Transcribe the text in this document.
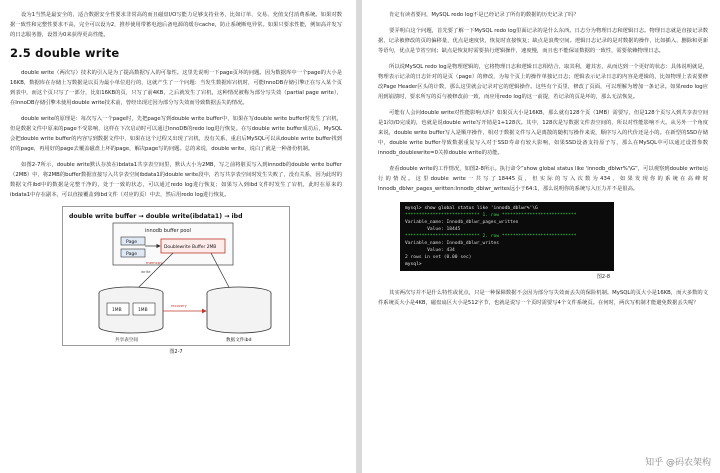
设为1当然是最安全的，适合数据安全性要求非常高的而且磁盘I/O写能力足够支持业务，比如订单、交易、充值支付消费系统。如果对数据一致性和完整性要求不高，完全可以设为2，推荐使用带蓄电池后备电源的缓存cache，防止系统断电异常。如果只要求性能，例如高并发写的日志服务器，设置为0来获得更高性能。

2.5 double write

double write（两次写）技术的引入是为了提高数据写入的可靠性。这里先说明一下page页坏的问题。因为数据库中一个page的大小是16KB，数据库在存储上写数据是以页为最小单位进行的，这就产生了一个问题：当发生数据库宕机时，可能InnoDB存储引擎正在写入某个页到表中，而这个页只写了一部分，比如16KB的页，只写了前4KB，之后就发生了宕机，这种情况被称为部分写失效（partial page write），在InnoDB存储引擎未使用double write技术前，曾经出现过因为部分写失效而导致数据丢失的情况。

double write的原理是：每次写入一个page时，先把page写到double write buffer中，如果在写double write buffer时发生了宕机，但是数据文件中原来的page不受影响，这样在下次启动时可以通过InnoDB的redo log进行恢复。在写double write buffer成功后，MySQL会把double write buffer的内容写到数据文件中，如果在这个过程又出现了宕机，没有关系，重启后MySQL可以从double write buffer找到好的page，再用好的page去覆盖磁盘上坏的page，解决page写的问题。总的来说，double write，说白了就是一种备份机制。

如图2-7所示，double write默认存放在ibdata1共享表空间里，默认大小为2MB，写之前将脏页写入到innodb的double write buffer（2MB）中，将2MB的buffer数据直接写入共享表空间ibdata1的double write段中，若写共享表空间时发生失败了，没有关系，因为此时的数据文件ibd中的数据是完整干净的，处于一致的状态，可以通过redo log进行恢复；如果写入到ibd文件时发生了宕机，此时在原来的ibdata1中存在副本，可以直接覆盖到ibd文件（对应的页）中去，然后用redo log进行恢复。

double write buffer → double write(ibdata1) → ibd
innodb buffer pool
Page
Page
Doublewrite Buffer 2MB
memcpy
write
1MB	1MB
共享表空间	数据文件ibd
recovery
图2-7

肯定有读者要问，MySQL redo log不是已经记录了所有的数据的历史记录了吗？

要弄明白这个问题，首先要了解一下MySQL redo log里面记录的是什么东西。日志分为物理日志和逻辑日志。物理日志就是直接记录数据，记录被修改的页的偏移量，优点是速度快，恢复时直接恢复；缺点是浪费空间。逻辑日志记录的是对数据的操作，比如插入、删除和更新等语句，优点是节省空间；缺点是恢复时需要执行逻辑操作，速度慢，而且也不能保证数据的一致性，需要依赖物理日志。

所以说MySQL redo log是物理逻辑的，它将物理日志和逻辑日志相结合，取其利，避其害，从而达到一个更好的状态：具体说明就是，物理表示记录的日志针对的是页（page）的修改，为每个页上的操作单独记日志；逻辑表示记录日志的内容是逻辑的，比如物理上表说要修改Page Header区头的计数，那么这里就会记录对它的逻辑操作。这些有个页里，修改了页面，可以理解为增加一条记录。如果redo log应用到崩溃时，要求所写的页与被修改前一致，而应用redo log的这一前提，若记录的页是坏的，那么无法恢复。

可能有人会问double write对性能影响大吗？如果页大小是16KB，那么就有128个页（1MB）需要写，但是128个页写入到共享表空间是1次I/O完成的，也就是说double write写开销是1+128次。其中，128次是写数据文件表空间的，所以对性能影响不大。从另外一个角度来说，double write buffer写入是顺序操作，相对于数据文件写入是离散的随机写操作来说，顺序写入的代价还是小的。在新型的SSD存储中，double write buffer导致数据重复写入对于SSD寿命有较大影响，如果SSD设备支持原子写，那么在MySQL中可以通过设置参数innodb_doublewrite=0关掉double write的功能。

查看double write的工作情况，如图2-8所示。执行命令“show global status like 'innodb_dblwr%'\G”，可以观察到double write运行的情况。这里double write一共写了18445页，但实际的写入次数为434，如果发现你的系统在高峰时Innodb_dblwr_pages_written:Innodb_dblwr_writes远小于64:1，那么说明你的系统写入压力并不是很高。

mysql> show global status like 'innodb_dblwr%'\G
*************************** 1. row ***************************
Variable_name: Innodb_dblwr_pages_written
Value: 18445
*************************** 2. row ***************************
Variable_name: Innodb_dblwr_writes
Value: 434
2 rows in set (0.00 sec)
mysql>
图2-8

其实两次写并不是什么特性或优点，只是一种保障数据不会因为部分写失效而丢失的保险机制。MySQL的页大小是16KB，而大多数的文件系统页大小是4KB，磁盘扇区大小是512字节，也就是说写一个页时需要写4个文件系统页。在何时，两次写机制才能避免数据丢失呢？

知乎 @码农架构
